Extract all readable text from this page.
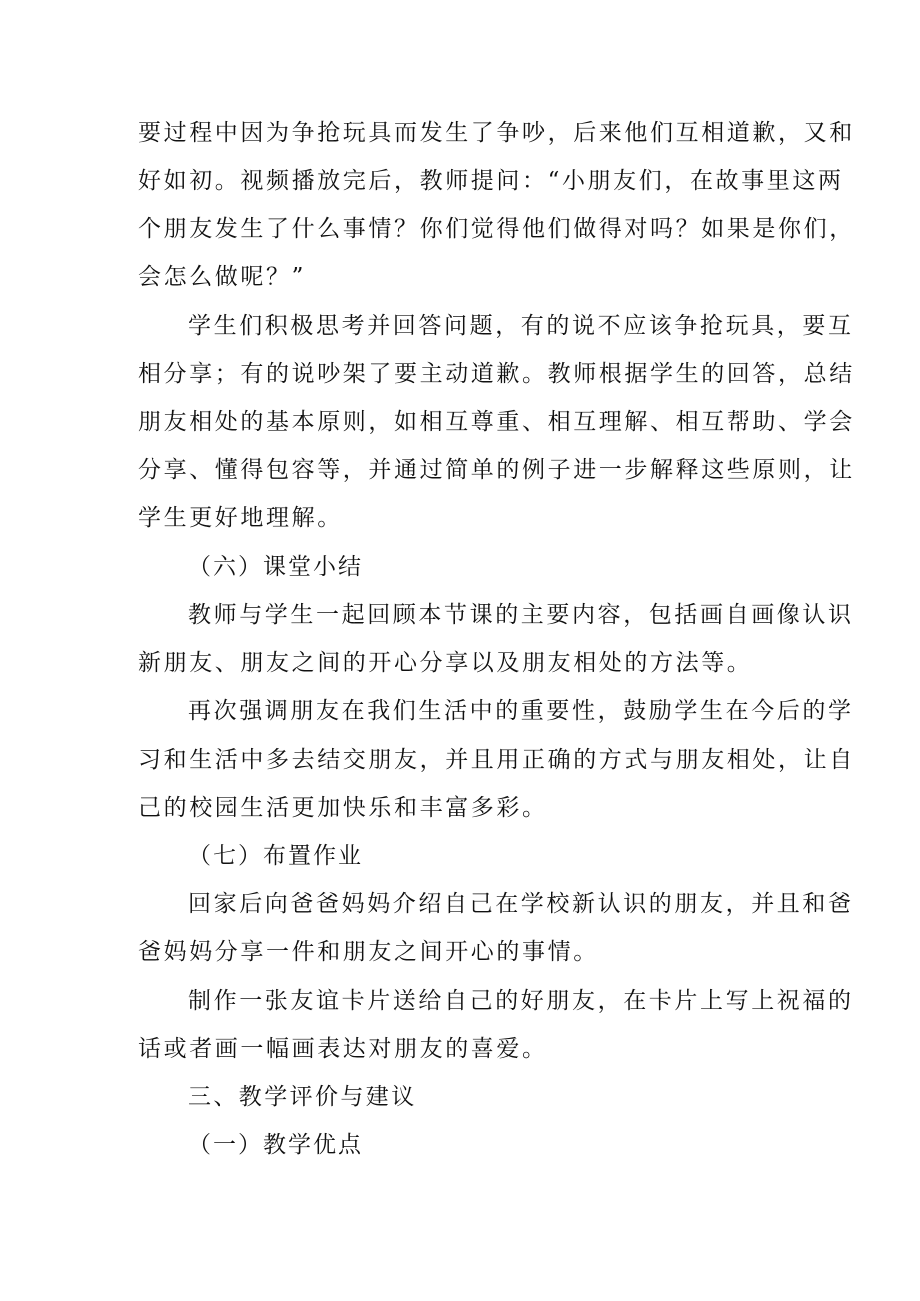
要过程中因为争抢玩具而发生了争吵，后来他们互相道歉，又和
好如初。视频播放完后，教师提问：“小朋友们，在故事里这两
个朋友发生了什么事情？你们觉得他们做得对吗？如果是你们，
会怎么做呢？”
学生们积极思考并回答问题，有的说不应该争抢玩具，要互
相分享；有的说吵架了要主动道歉。教师根据学生的回答，总结
朋友相处的基本原则，如相互尊重、相互理解、相互帮助、学会
分享、懂得包容等，并通过简单的例子进一步解释这些原则，让
学生更好地理解。
（六）课堂小结
教师与学生一起回顾本节课的主要内容，包括画自画像认识
新朋友、朋友之间的开心分享以及朋友相处的方法等。
再次强调朋友在我们生活中的重要性，鼓励学生在今后的学
习和生活中多去结交朋友，并且用正确的方式与朋友相处，让自
己的校园生活更加快乐和丰富多彩。
（七）布置作业
回家后向爸爸妈妈介绍自己在学校新认识的朋友，并且和爸
爸妈妈分享一件和朋友之间开心的事情。
制作一张友谊卡片送给自己的好朋友，在卡片上写上祝福的
话或者画一幅画表达对朋友的喜爱。
三、教学评价与建议
（一）教学优点
